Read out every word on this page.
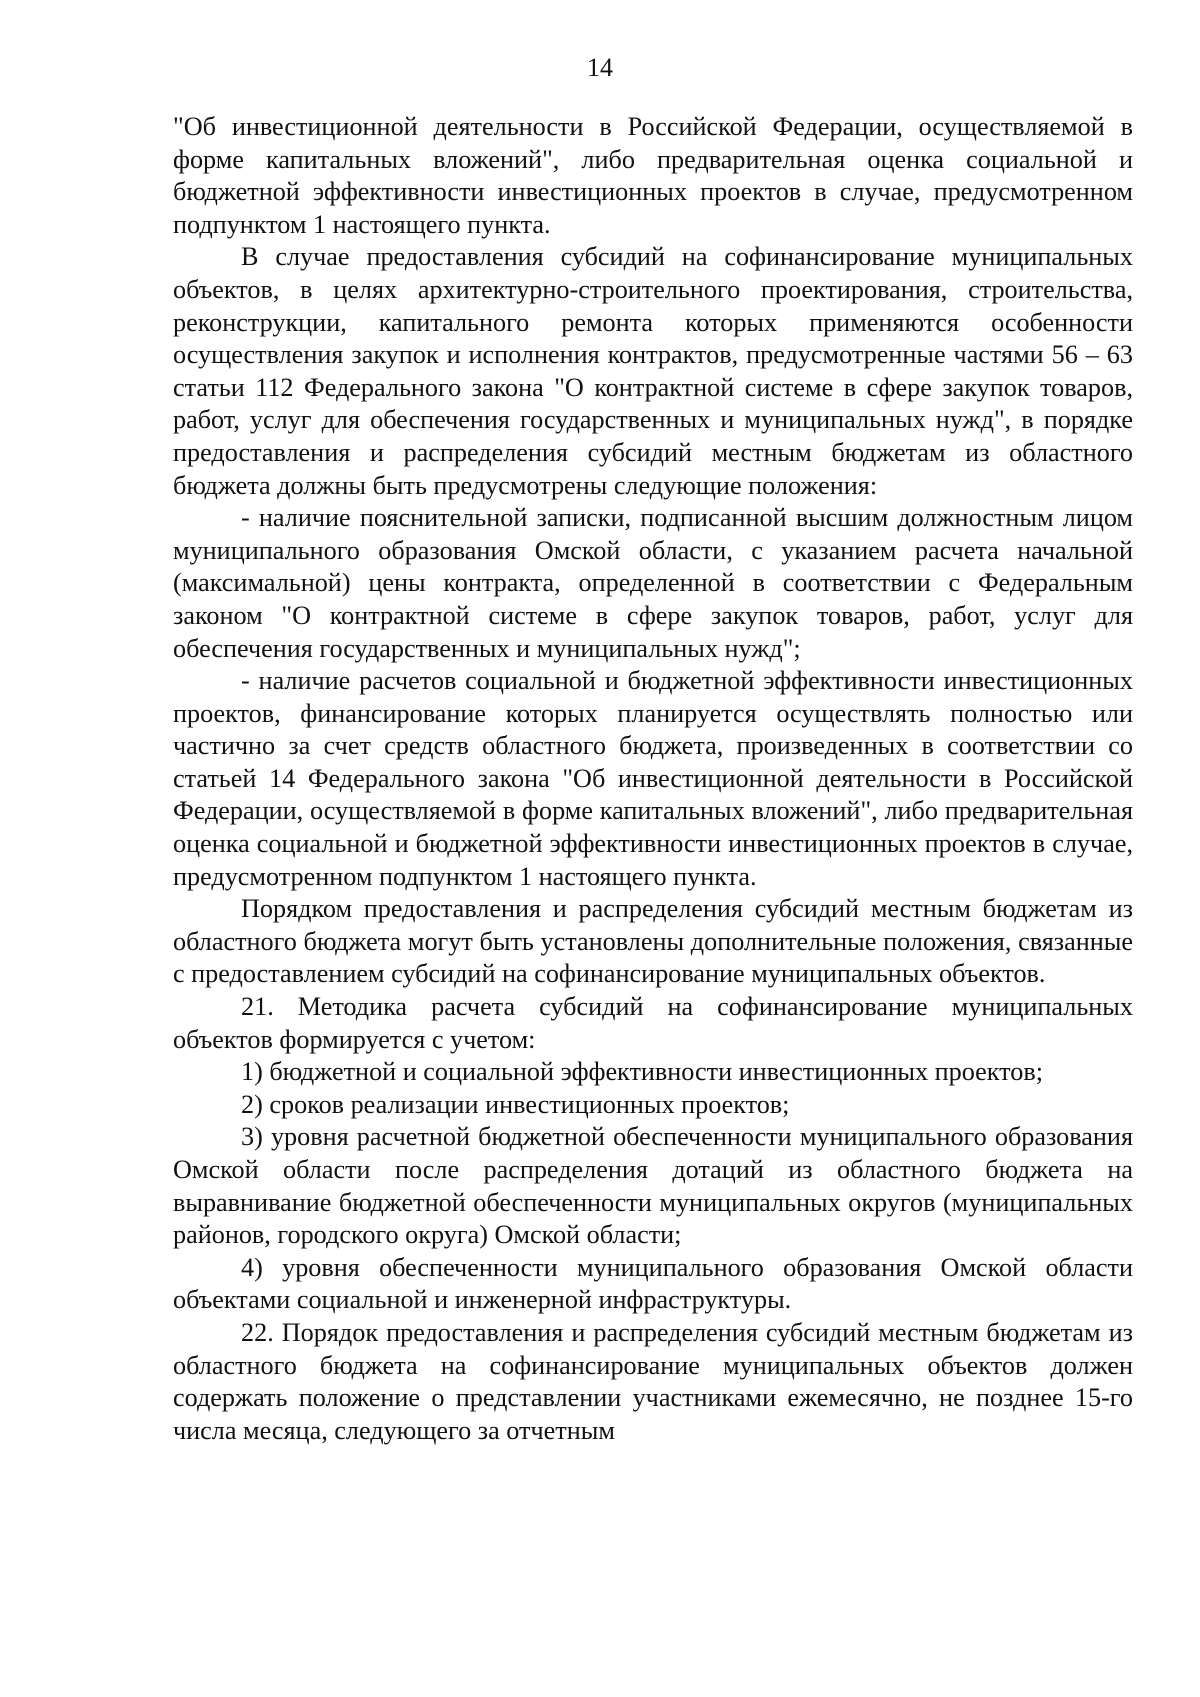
14

"Об инвестиционной деятельности в Российской Федерации, осуществляемой в форме капитальных вложений", либо предварительная оценка социальной и бюджетной эффективности инвестиционных проектов в случае, предусмотренном подпунктом 1 настоящего пункта.

В случае предоставления субсидий на софинансирование муниципальных объектов, в целях архитектурно-строительного проектирования, строительства, реконструкции, капитального ремонта которых применяются особенности осуществления закупок и исполнения контрактов, предусмотренные частями 56 – 63 статьи 112 Федерального закона "О контрактной системе в сфере закупок товаров, работ, услуг для обеспечения государственных и муниципальных нужд", в порядке предоставления и распределения субсидий местным бюджетам из областного бюджета должны быть предусмотрены следующие положения:

- наличие пояснительной записки, подписанной высшим должностным лицом муниципального образования Омской области, с указанием расчета начальной (максимальной) цены контракта, определенной в соответствии с Федеральным законом "О контрактной системе в сфере закупок товаров, работ, услуг для обеспечения государственных и муниципальных нужд";

- наличие расчетов социальной и бюджетной эффективности инвестиционных проектов, финансирование которых планируется осуществлять полностью или частично за счет средств областного бюджета, произведенных в соответствии со статьей 14 Федерального закона "Об инвестиционной деятельности в Российской Федерации, осуществляемой в форме капитальных вложений", либо предварительная оценка социальной и бюджетной эффективности инвестиционных проектов в случае, предусмотренном подпунктом 1 настоящего пункта.

Порядком предоставления и распределения субсидий местным бюджетам из областного бюджета могут быть установлены дополнительные положения, связанные с предоставлением субсидий на софинансирование муниципальных объектов.

21. Методика расчета субсидий на софинансирование муниципальных объектов формируется с учетом:

1) бюджетной и социальной эффективности инвестиционных проектов;

2) сроков реализации инвестиционных проектов;

3) уровня расчетной бюджетной обеспеченности муниципального образования Омской области после распределения дотаций из областного бюджета на выравнивание бюджетной обеспеченности муниципальных округов (муниципальных районов, городского округа) Омской области;

4) уровня обеспеченности муниципального образования Омской области объектами социальной и инженерной инфраструктуры.

22. Порядок предоставления и распределения субсидий местным бюджетам из областного бюджета на софинансирование муниципальных объектов должен содержать положение о представлении участниками ежемесячно, не позднее 15-го числа месяца, следующего за отчетным
